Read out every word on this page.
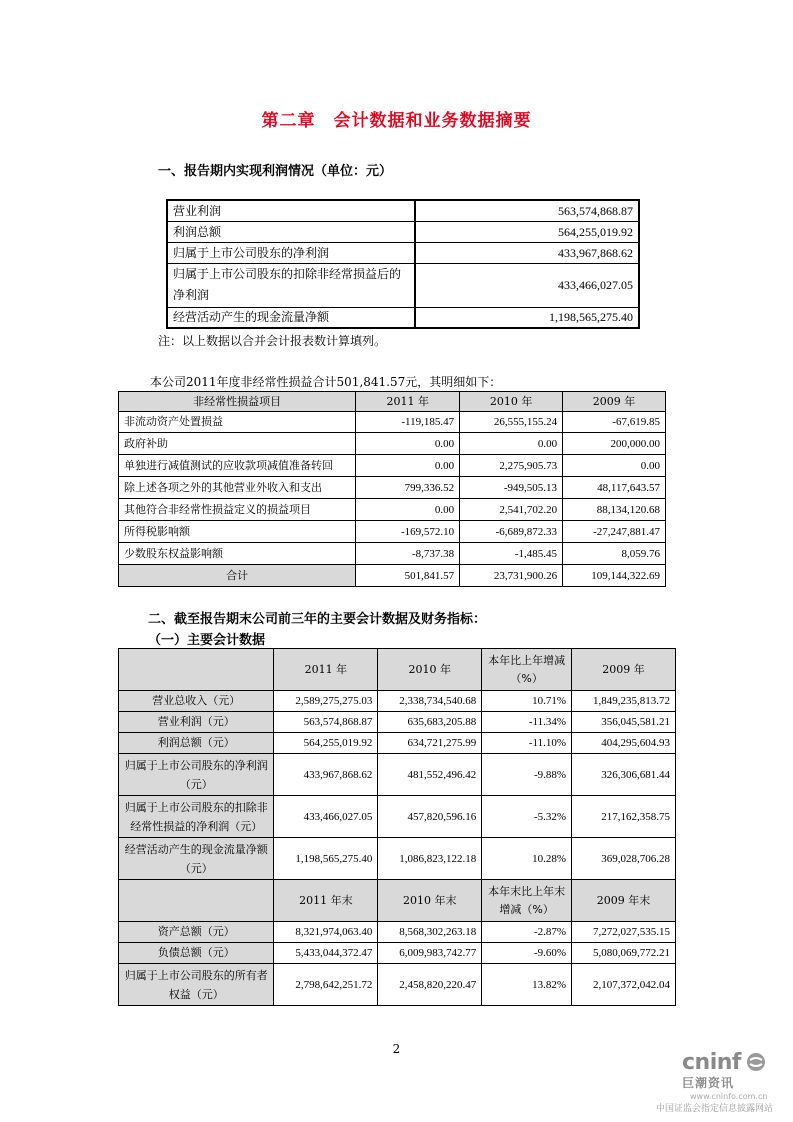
第二章 会计数据和业务数据摘要
一、报告期内实现利润情况（单位：元）
营业利润	563,574,868.87
利润总额	564,255,019.92
归属于上市公司股东的净利润	433,967,868.62
归属于上市公司股东的扣除非经常损益后的净利润	433,466,027.05
经营活动产生的现金流量净额	1,198,565,275.40
注：以上数据以合并会计报表数计算填列。
本公司2011年度非经常性损益合计501,841.57元，其明细如下：
非经常性损益项目	2011 年	2010 年	2009 年
非流动资产处置损益	-119,185.47	26,555,155.24	-67,619.85
政府补助	0.00	0.00	200,000.00
单独进行减值测试的应收款项减值准备转回	0.00	2,275,905.73	0.00
除上述各项之外的其他营业外收入和支出	799,336.52	-949,505.13	48,117,643.57
其他符合非经常性损益定义的损益项目	0.00	2,541,702.20	88,134,120.68
所得税影响额	-169,572.10	-6,689,872.33	-27,247,881.47
少数股东权益影响额	-8,737.38	-1,485.45	8,059.76
合计	501,841.57	23,731,900.26	109,144,322.69
二、截至报告期末公司前三年的主要会计数据及财务指标：
（一）主要会计数据
	2011 年	2010 年	本年比上年增减（%）	2009 年
营业总收入（元）	2,589,275,275.03	2,338,734,540.68	10.71%	1,849,235,813.72
营业利润（元）	563,574,868.87	635,683,205.88	-11.34%	356,045,581.21
利润总额（元）	564,255,019.92	634,721,275.99	-11.10%	404,295,604.93
归属于上市公司股东的净利润（元）	433,967,868.62	481,552,496.42	-9.88%	326,306,681.44
归属于上市公司股东的扣除非经常性损益的净利润（元）	433,466,027.05	457,820,596.16	-5.32%	217,162,358.75
经营活动产生的现金流量净额（元）	1,198,565,275.40	1,086,823,122.18	10.28%	369,028,706.28
	2011 年末	2010 年末	本年末比上年末增减（%）	2009 年末
资产总额（元）	8,321,974,063.40	8,568,302,263.18	-2.87%	7,272,027,535.15
负债总额（元）	5,433,044,372.47	6,009,983,742.77	-9.60%	5,080,069,772.21
归属于上市公司股东的所有者权益（元）	2,798,642,251.72	2,458,820,220.47	13.82%	2,107,372,042.04
2
cninf
巨潮资讯
www.cninfo.com.cn
中国证监会指定信息披露网站
